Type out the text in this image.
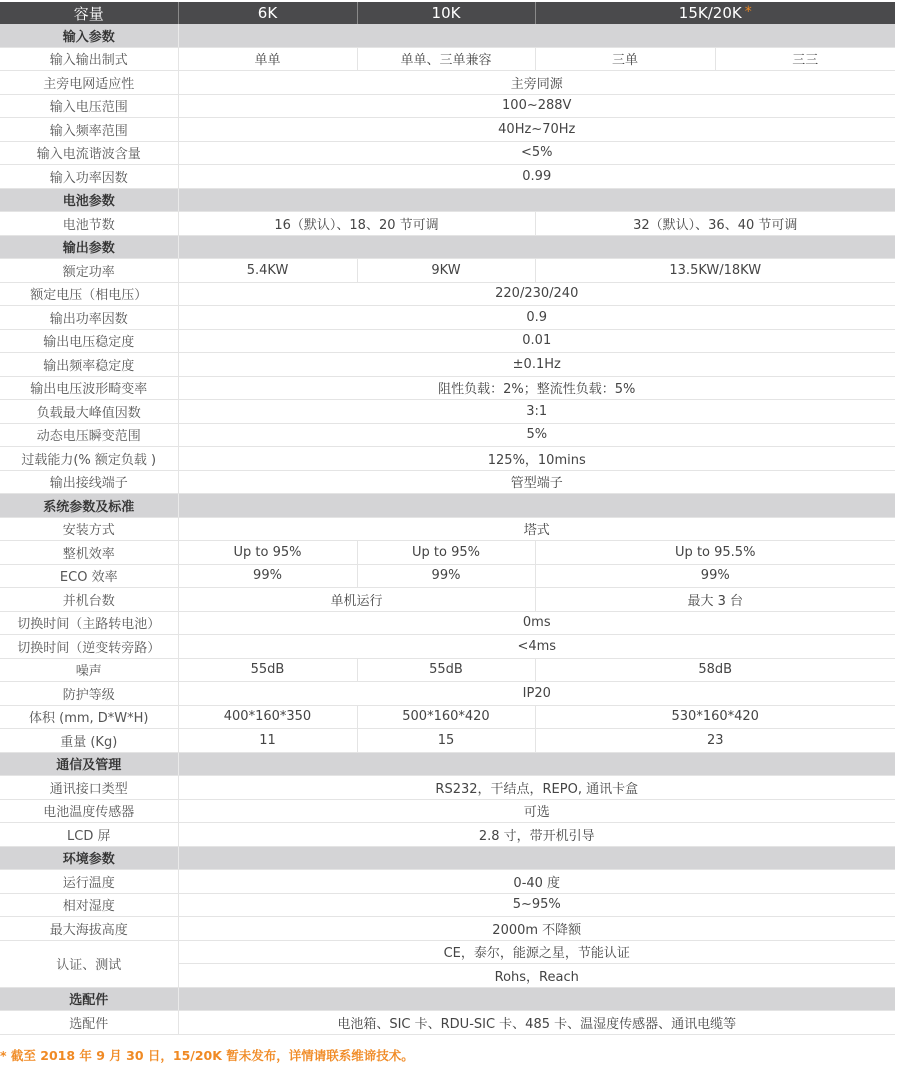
容量	6K	10K	15K/20K *	
输入参数				
输入输出制式	单单	单单、三单兼容	三单	三三
主旁电网适应性	主旁同源			
输入电压范围	100~288V			
输入频率范围	40Hz~70Hz			
输入电流谐波含量	<5%			
输入功率因数	0.99			
电池参数				
电池节数	16（默认）、18、20 节可调		32（默认）、36、40 节可调	
输出参数				
额定功率	5.4KW	9KW	13.5KW/18KW	
额定电压（相电压）	220/230/240			
输出功率因数	0.9			
输出电压稳定度	0.01			
输出频率稳定度	±0.1Hz			
输出电压波形畸变率	阻性负载：2%；整流性负载：5%			
负载最大峰值因数	3:1			
动态电压瞬变范围	5%			
过载能力(% 额定负载 )	125%，10mins			
输出接线端子	管型端子			
系统参数及标准				
安装方式	塔式			
整机效率	Up to 95%	Up to 95%	Up to 95.5%	
ECO 效率	99%	99%	99%	
并机台数	单机运行		最大 3 台	
切换时间（主路转电池）	0ms			
切换时间（逆变转旁路）	<4ms			
噪声	55dB	55dB	58dB	
防护等级	IP20			
体积 (mm, D*W*H)	400*160*350	500*160*420	530*160*420	
重量 (Kg)	11	15	23	
通信及管理				
通讯接口类型	RS232，干结点，REPO, 通讯卡盒			
电池温度传感器	可选			
LCD 屏	2.8 寸，带开机引导			
环境参数				
运行温度	0-40 度			
相对湿度	5~95%			
最大海拔高度	2000m 不降额			
认证、测试	CE，泰尔，能源之星，节能认证			
	Rohs，Reach			
选配件				
选配件	电池箱、SIC 卡、RDU-SIC 卡、485 卡、温湿度传感器、通讯电缆等			
* 截至 2018 年 9 月 30 日，15/20K 暂未发布，详情请联系维谛技术。
